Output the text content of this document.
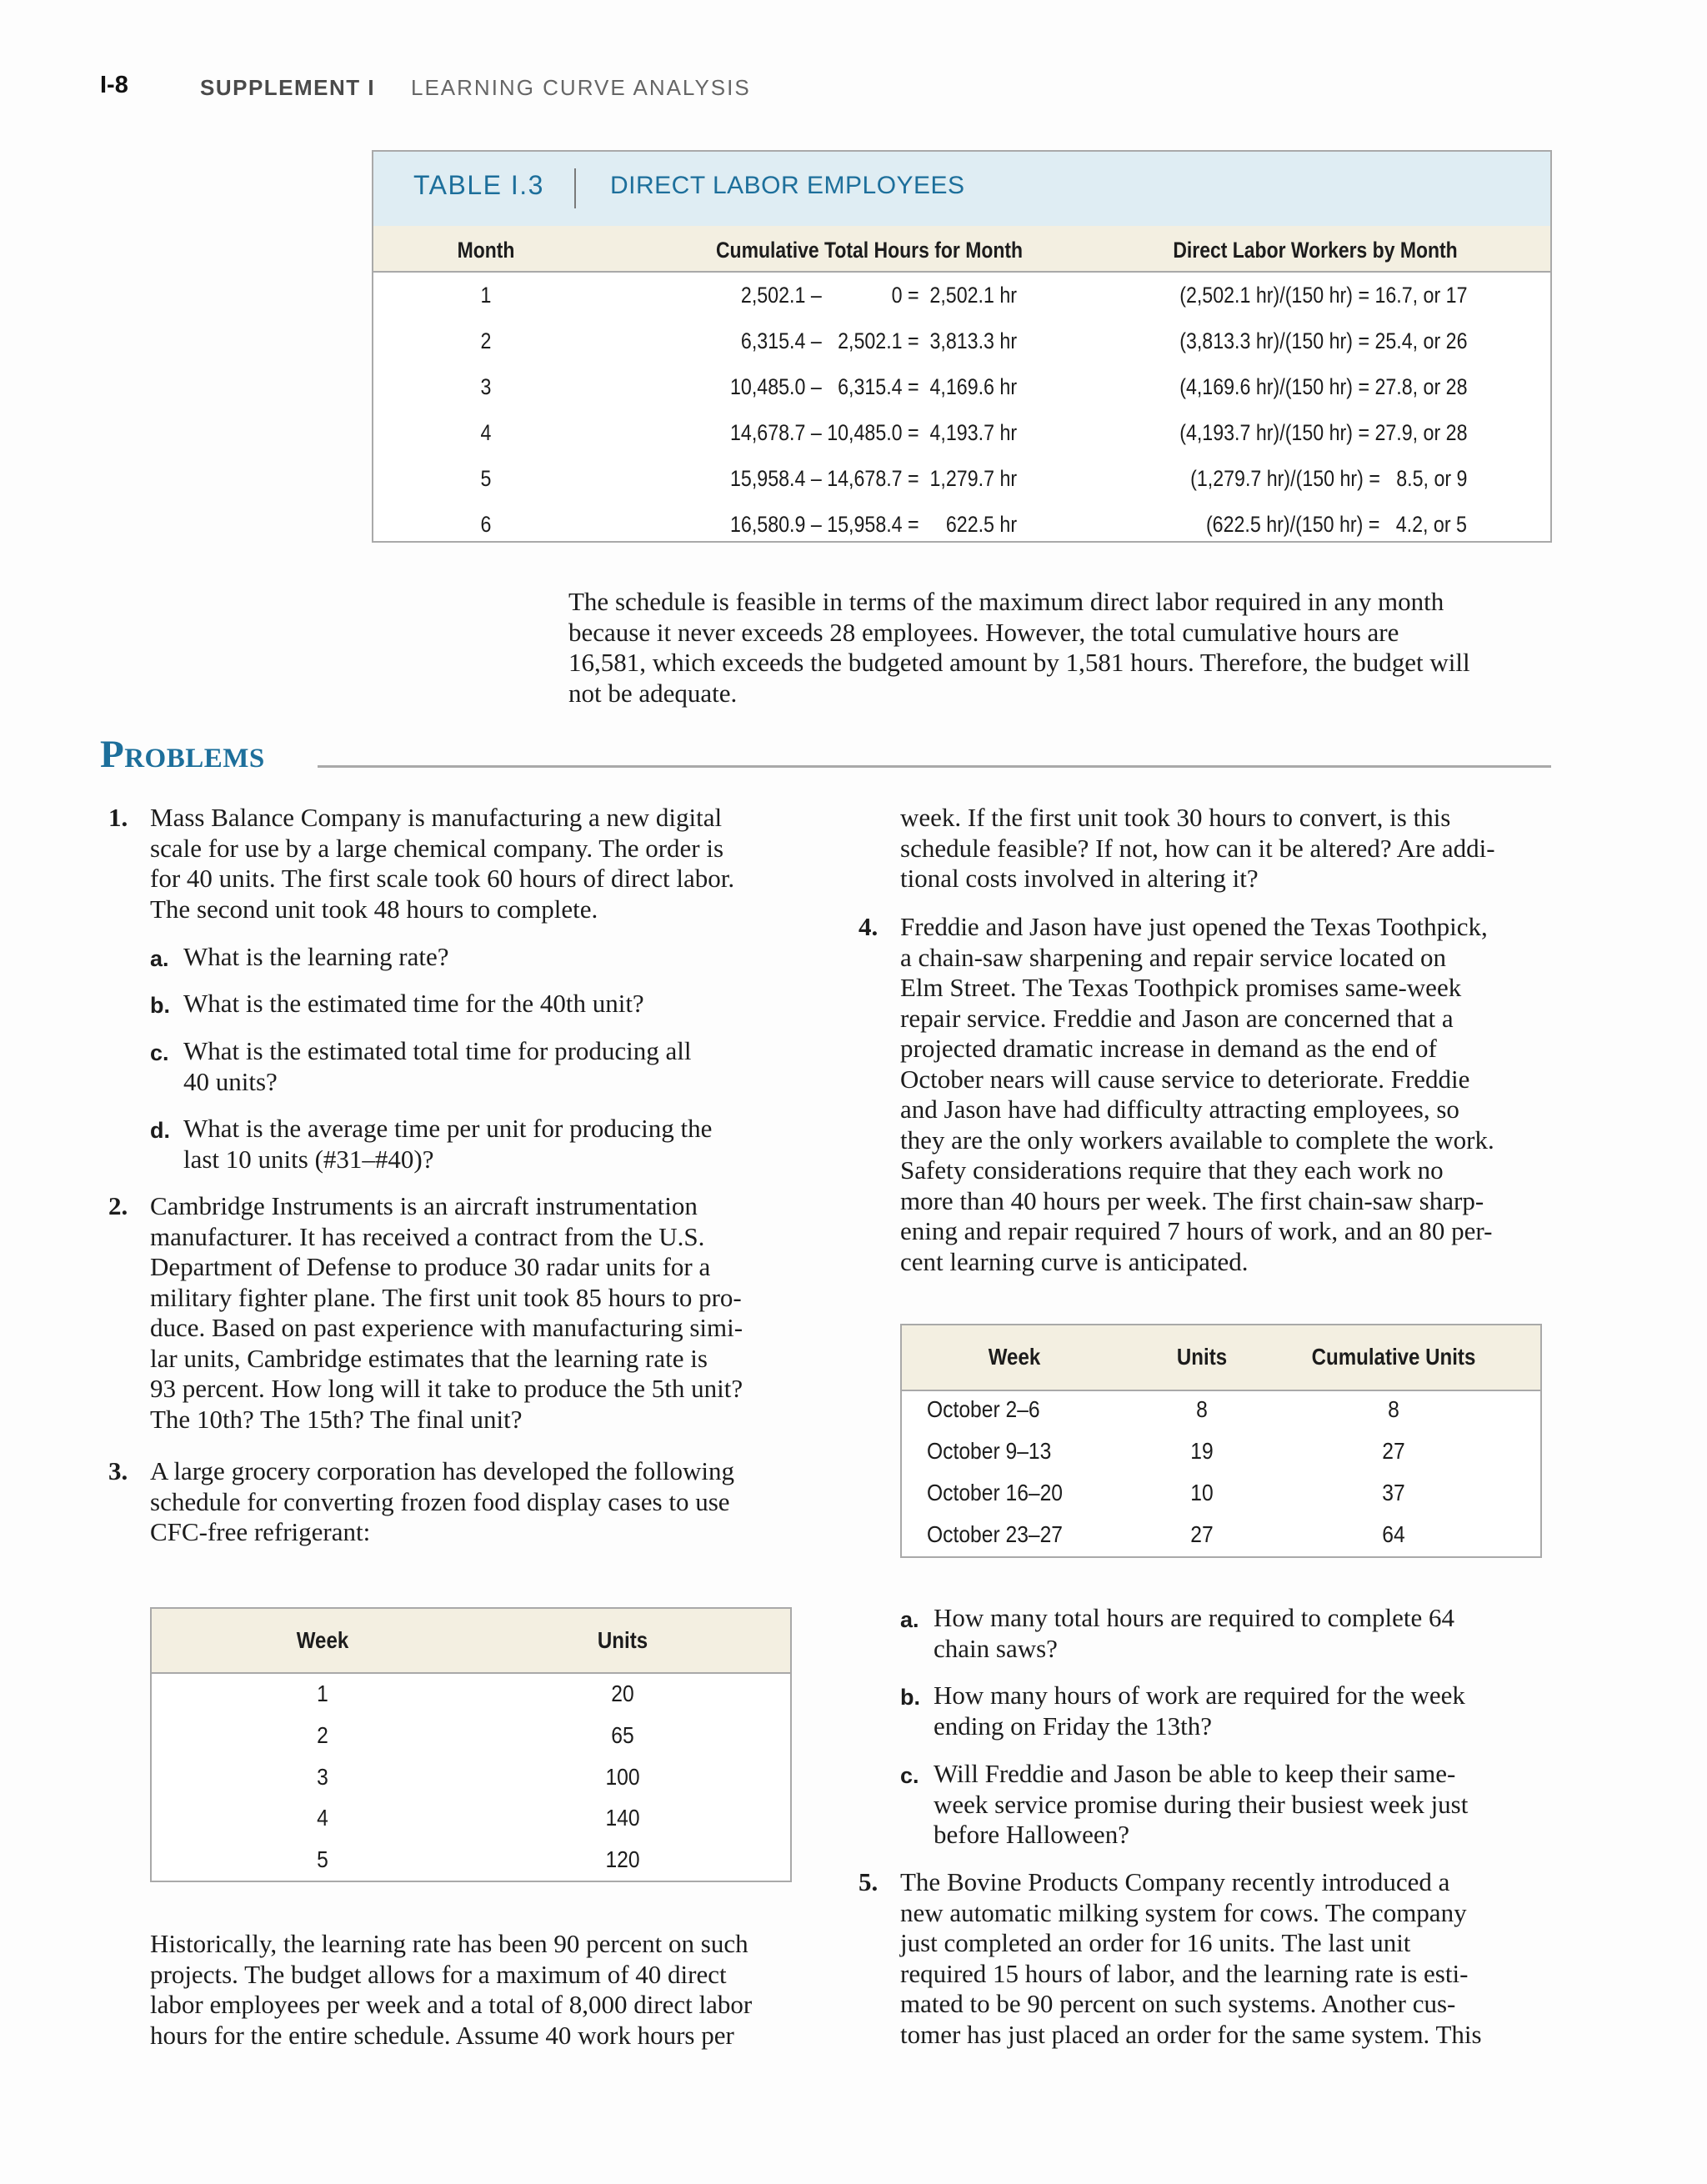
I-8	SUPPLEMENT I LEARNING CURVE ANALYSIS
TABLE I.3	DIRECT LABOR EMPLOYEES
Month	Cumulative Total Hours for Month	Direct Labor Workers by Month
1	2,502.1 –             0 =  2,502.1 hr	(2,502.1 hr)/(150 hr) = 16.7, or 17
2	6,315.4 –   2,502.1 =  3,813.3 hr	(3,813.3 hr)/(150 hr) = 25.4, or 26
3	10,485.0 –   6,315.4 =  4,169.6 hr	(4,169.6 hr)/(150 hr) = 27.8, or 28
4	14,678.7 – 10,485.0 =  4,193.7 hr	(4,193.7 hr)/(150 hr) = 27.9, or 28
5	15,958.4 – 14,678.7 =  1,279.7 hr	(1,279.7 hr)/(150 hr) =   8.5, or 9
6	16,580.9 – 15,958.4 =     622.5 hr	(622.5 hr)/(150 hr) =   4.2, or 5

The schedule is feasible in terms of the maximum direct labor required in any month

because it never exceeds 28 employees. However, the total cumulative hours are

16,581, which exceeds the budgeted amount by 1,581 hours. Therefore, the budget will

not be adequate.

Problems
1. Mass Balance Company is manufacturing a new digital
scale for use by a large chemical company. The order is
for 40 units. The first scale took 60 hours of direct labor.
The second unit took 48 hours to complete.
a. What is the learning rate?
b. What is the estimated time for the 40th unit?
c. What is the estimated total time for producing all
40 units?
d. What is the average time per unit for producing the
last 10 units (#31–#40)?
2. Cambridge Instruments is an aircraft instrumentation
manufacturer. It has received a contract from the U.S.
Department of Defense to produce 30 radar units for a
military fighter plane. The first unit took 85 hours to pro-
duce. Based on past experience with manufacturing simi-
lar units, Cambridge estimates that the learning rate is
93 percent. How long will it take to produce the 5th unit?
The 10th? The 15th? The final unit?
3. A large grocery corporation has developed the following
schedule for converting frozen food display cases to use
CFC-free refrigerant:
Week	Units
1	20
2	65
3	100
4	140
5	120

Historically, the learning rate has been 90 percent on such

projects. The budget allows for a maximum of 40 direct

labor employees per week and a total of 8,000 direct labor

hours for the entire schedule. Assume 40 work hours per

week. If the first unit took 30 hours to convert, is this

schedule feasible? If not, how can it be altered? Are addi-

tional costs involved in altering it?

4. Freddie and Jason have just opened the Texas Toothpick,
a chain-saw sharpening and repair service located on
Elm Street. The Texas Toothpick promises same-week
repair service. Freddie and Jason are concerned that a
projected dramatic increase in demand as the end of
October nears will cause service to deteriorate. Freddie
and Jason have had difficulty attracting employees, so
they are the only workers available to complete the work.
Safety considerations require that they each work no
more than 40 hours per week. The first chain-saw sharp-
ening and repair required 7 hours of work, and an 80 per-
cent learning curve is anticipated.
Week	Units	Cumulative Units
October 2–6	8	8
October 9–13	19	27
October 16–20	10	37
October 23–27	27	64
a. How many total hours are required to complete 64
chain saws?
b. How many hours of work are required for the week
ending on Friday the 13th?
c. Will Freddie and Jason be able to keep their same-
week service promise during their busiest week just
before Halloween?
5. The Bovine Products Company recently introduced a
new automatic milking system for cows. The company
just completed an order for 16 units. The last unit
required 15 hours of labor, and the learning rate is esti-
mated to be 90 percent on such systems. Another cus-
tomer has just placed an order for the same system. This
